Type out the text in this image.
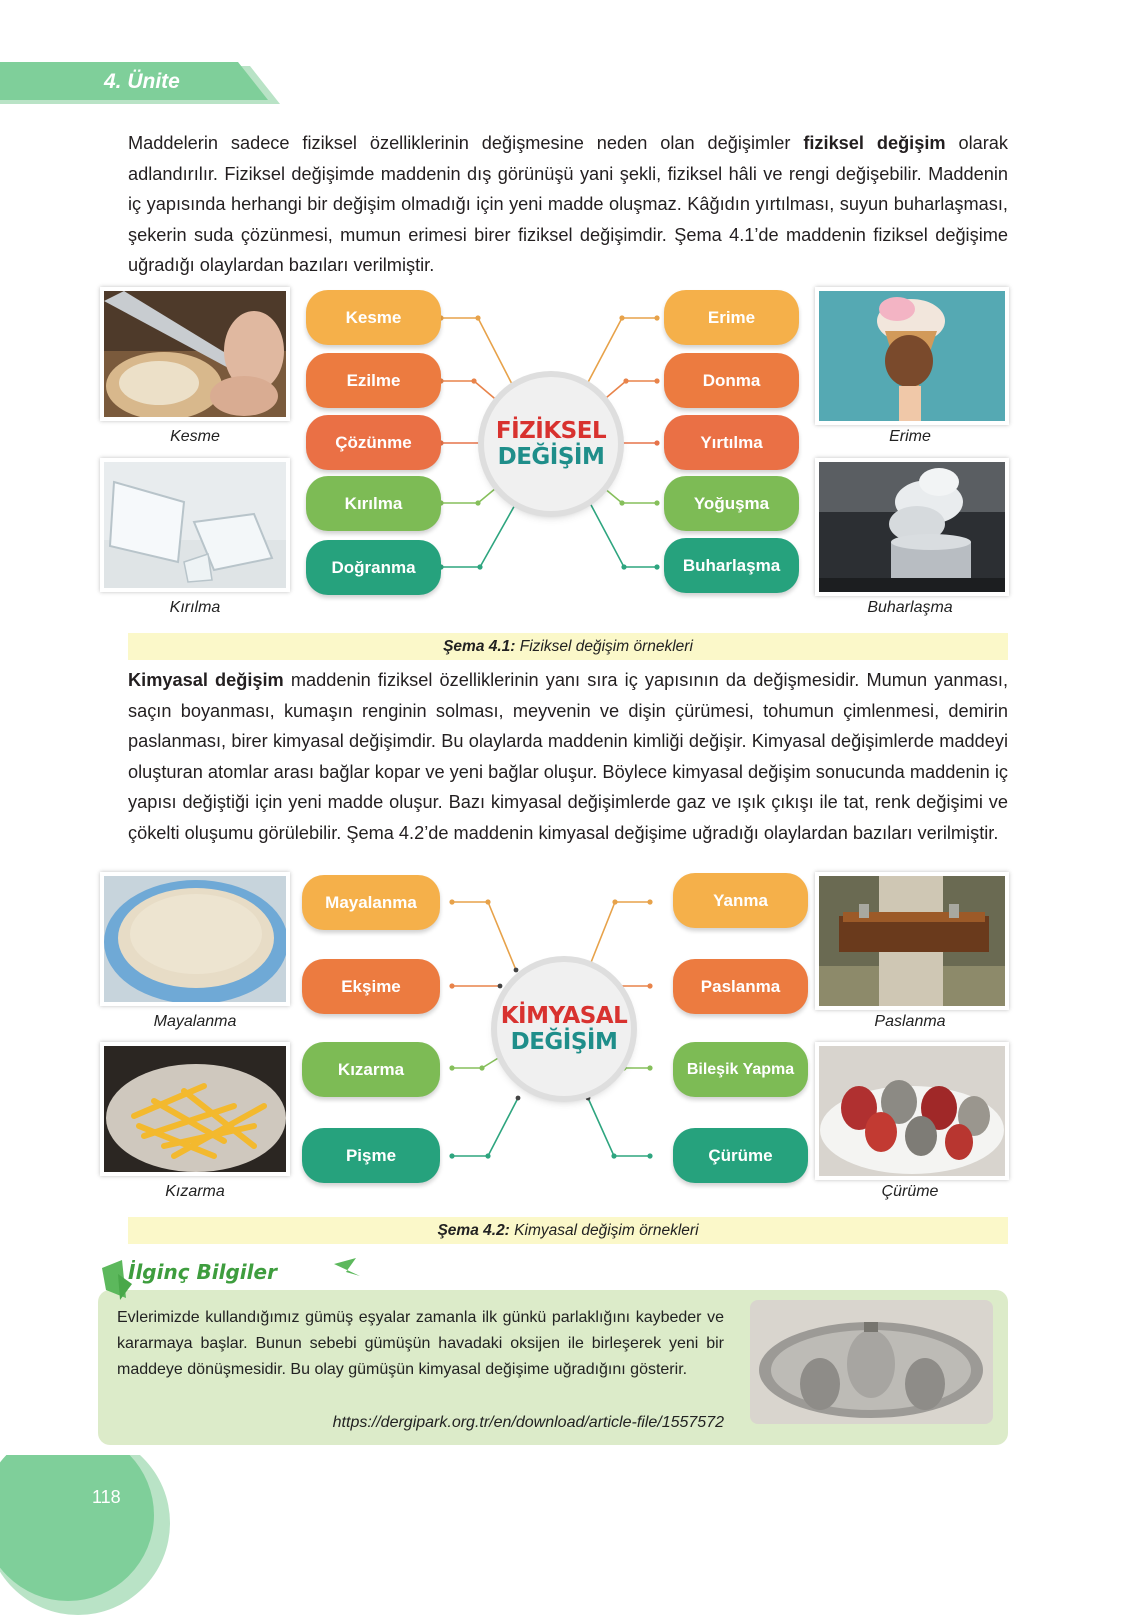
4. Ünite

Maddelerin sadece fiziksel özelliklerinin değişmesine neden olan değişimler fiziksel değişim olarak adlandırılır. Fiziksel değişimde maddenin dış görünüşü yani şekli, fiziksel hâli ve rengi değişebilir. Maddenin iç yapısında herhangi bir değişim olmadığı için yeni madde oluşmaz. Kâğıdın yırtılması, suyun buharlaşması, şekerin suda çözünmesi, mumun erimesi birer fiziksel değişimdir. Şema 4.1’de maddenin fiziksel değişime uğradığı olaylardan bazıları verilmiştir.

Kesme
Kırılma
Erime
Buharlaşma
Kesme
Ezilme
Çözünme
Kırılma
Doğranma
Erime
Donma
Yırtılma
Yoğuşma
Buharlaşma
FİZİKSEL
DEĞİŞİM
Şema 4.1: Fiziksel değişim örnekleri

Kimyasal değişim maddenin fiziksel özelliklerinin yanı sıra iç yapısının da değişmesidir. Mumun yanması, saçın boyanması, kumaşın renginin solması, meyvenin ve dişin çürümesi, tohumun çimlenmesi, demirin paslanması, birer kimyasal değişimdir. Bu olaylarda maddenin kimliği değişir. Kimyasal değişimlerde maddeyi oluşturan atomlar arası bağlar kopar ve yeni bağlar oluşur. Böylece kimyasal değişim sonucunda maddenin iç yapısı değiştiği için yeni madde oluşur. Bazı kimyasal değişimlerde gaz ve ışık çıkışı ile tat, renk değişimi ve çökelti oluşumu görülebilir. Şema 4.2’de maddenin kimyasal değişime uğradığı olaylardan bazıları verilmiştir.

Mayalanma
Kızarma
Paslanma
Çürüme
Mayalanma
Ekşime
Kızarma
Pişme
Yanma
Paslanma
Bileşik Yapma
Çürüme
KİMYASAL
DEĞİŞİM
Şema 4.2: Kimyasal değişim örnekleri
İlginç Bilgiler
Evlerimizde kullandığımız gümüş eşyalar zamanla ilk günkü parlaklığını kaybeder ve kararmaya başlar. Bunun sebebi gümüşün havadaki oksijen ile birleşerek yeni bir maddeye dönüşmesidir. Bu olay gümüşün kimyasal değişime uğradığını gösterir.
https://dergipark.org.tr/en/download/article-file/1557572
118
